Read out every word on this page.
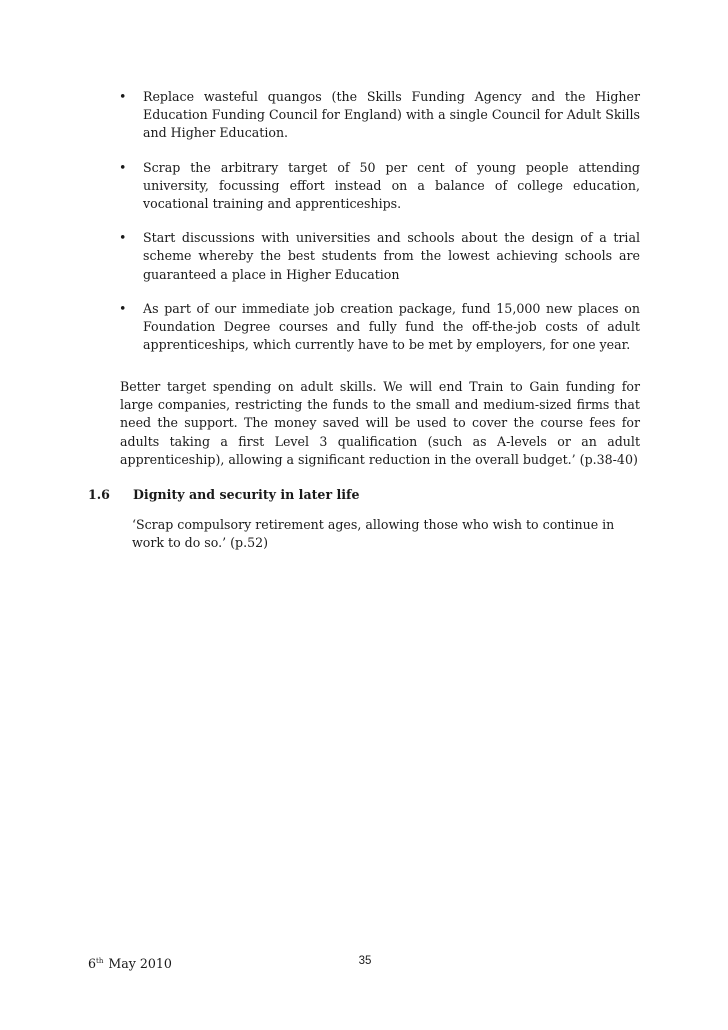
• Replace wasteful quangos (the Skills Funding Agency and the Higher Education Funding Council for England) with a single Council for Adult Skills and Higher Education.
• Scrap the arbitrary target of 50 per cent of young people attending university, focussing effort instead on a balance of college education, vocational training and apprenticeships.
• Start discussions with universities and schools about the design of a trial scheme whereby the best students from the lowest achieving schools are guaranteed a place in Higher Education
• As part of our immediate job creation package, fund 15,000 new places on Foundation Degree courses and fully fund the off-the-job costs of adult apprenticeships, which currently have to be met by employers, for one year.

Better target spending on adult skills. We will end Train to Gain funding for large companies, restricting the funds to the small and medium-sized firms that need the support. The money saved will be used to cover the course fees for adults taking a first Level 3 qualification (such as A-levels or an adult apprenticeship), allowing a significant reduction in the overall budget.’ (p.38-40)

1.6 Dignity and security in later life

‘Scrap compulsory retirement ages, allowing those who wish to continue in work to do so.’ (p.52)

6th May 2010	35
